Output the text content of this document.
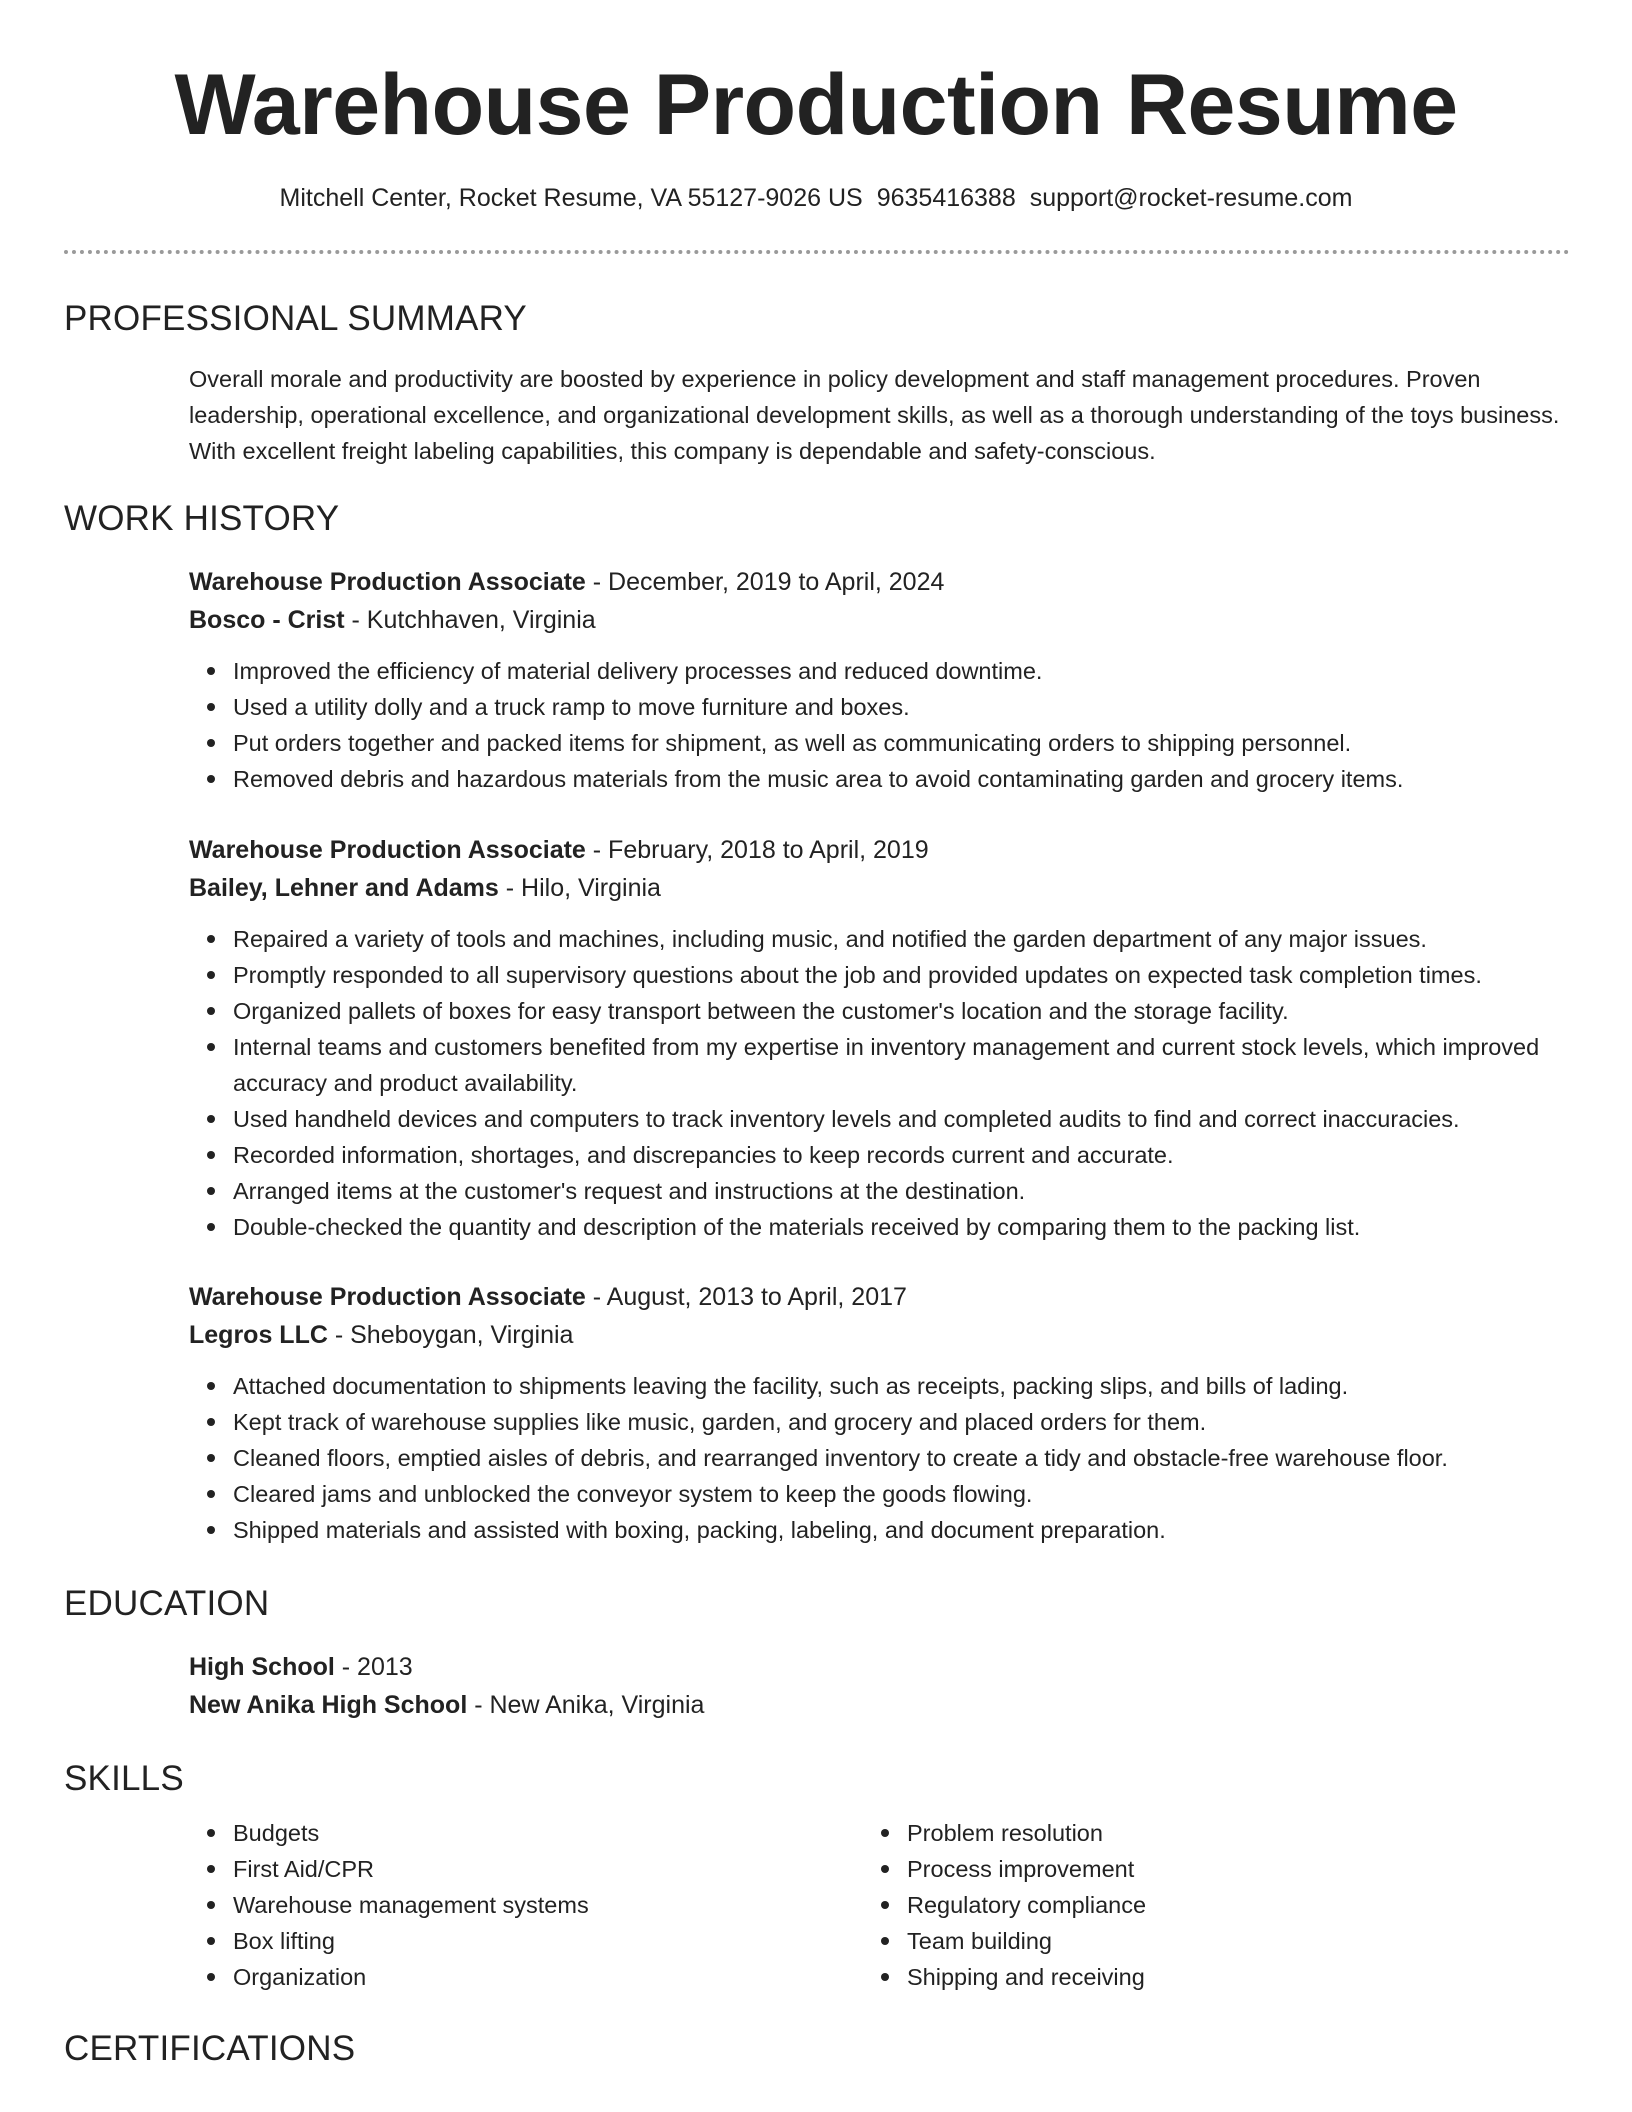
Warehouse Production Resume
Mitchell Center, Rocket Resume, VA 55127-9026 US 9635416388 support@rocket-resume.com
PROFESSIONAL SUMMARY
Overall morale and productivity are boosted by experience in policy development and staff management procedures. Proven leadership, operational excellence, and organizational development skills, as well as a thorough understanding of the toys business. With excellent freight labeling capabilities, this company is dependable and safety-conscious.
WORK HISTORY
Warehouse Production Associate - December, 2019 to April, 2024
Bosco - Crist - Kutchhaven, Virginia
Improved the efficiency of material delivery processes and reduced downtime.
Used a utility dolly and a truck ramp to move furniture and boxes.
Put orders together and packed items for shipment, as well as communicating orders to shipping personnel.
Removed debris and hazardous materials from the music area to avoid contaminating garden and grocery items.
Warehouse Production Associate - February, 2018 to April, 2019
Bailey, Lehner and Adams - Hilo, Virginia
Repaired a variety of tools and machines, including music, and notified the garden department of any major issues.
Promptly responded to all supervisory questions about the job and provided updates on expected task completion times.
Organized pallets of boxes for easy transport between the customer's location and the storage facility.
Internal teams and customers benefited from my expertise in inventory management and current stock levels, which improved accuracy and product availability.
Used handheld devices and computers to track inventory levels and completed audits to find and correct inaccuracies.
Recorded information, shortages, and discrepancies to keep records current and accurate.
Arranged items at the customer's request and instructions at the destination.
Double-checked the quantity and description of the materials received by comparing them to the packing list.
Warehouse Production Associate - August, 2013 to April, 2017
Legros LLC - Sheboygan, Virginia
Attached documentation to shipments leaving the facility, such as receipts, packing slips, and bills of lading.
Kept track of warehouse supplies like music, garden, and grocery and placed orders for them.
Cleaned floors, emptied aisles of debris, and rearranged inventory to create a tidy and obstacle-free warehouse floor.
Cleared jams and unblocked the conveyor system to keep the goods flowing.
Shipped materials and assisted with boxing, packing, labeling, and document preparation.
EDUCATION
High School - 2013
New Anika High School - New Anika, Virginia
SKILLS
Budgets
First Aid/CPR
Warehouse management systems
Box lifting
Organization
Problem resolution
Process improvement
Regulatory compliance
Team building
Shipping and receiving
CERTIFICATIONS
